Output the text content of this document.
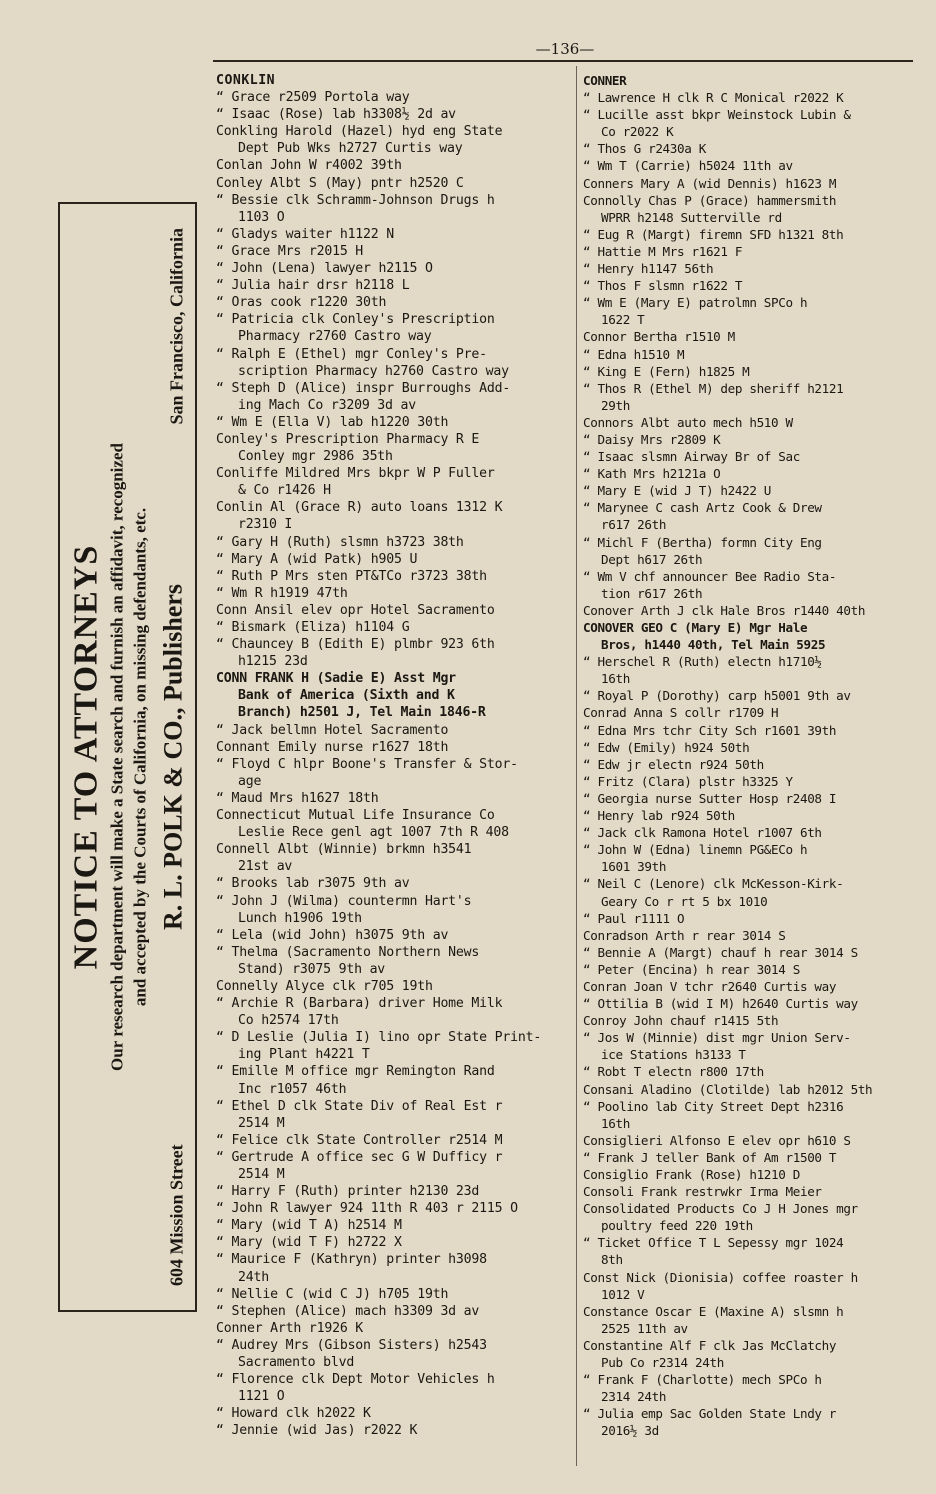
—136—
NOTICE TO ATTORNEYS Our research department will make a State search and furnish an affidavit, recognized and accepted by the Courts of California, on missing defendants, etc.
604 Mission Street
R. L. POLK & CO., Publishers
San Francisco, California
CONKLIN
“ Grace r2509 Portola way
“ Isaac (Rose) lab h3308½ 2d av
Conkling Harold (Hazel) hyd eng State
Dept Pub Wks h2727 Curtis way
Conlan John W r4002 39th
Conley Albt S (May) pntr h2520 C
“ Bessie clk Schramm-Johnson Drugs h
1103 O
“ Gladys waiter h1122 N
“ Grace Mrs r2015 H
“ John (Lena) lawyer h2115 O
“ Julia hair drsr h2118 L
“ Oras cook r1220 30th
“ Patricia clk Conley's Prescription
Pharmacy r2760 Castro way
“ Ralph E (Ethel) mgr Conley's Pre-
scription Pharmacy h2760 Castro way
“ Steph D (Alice) inspr Burroughs Add-
ing Mach Co r3209 3d av
“ Wm E (Ella V) lab h1220 30th
Conley's Prescription Pharmacy R E
Conley mgr 2986 35th
Conliffe Mildred Mrs bkpr W P Fuller
& Co r1426 H
Conlin Al (Grace R) auto loans 1312 K
r2310 I
“ Gary H (Ruth) slsmn h3723 38th
“ Mary A (wid Patk) h905 U
“ Ruth P Mrs sten PT&TCo r3723 38th
“ Wm R h1919 47th
Conn Ansil elev opr Hotel Sacramento
“ Bismark (Eliza) h1104 G
“ Chauncey B (Edith E) plmbr 923 6th
h1215 23d
CONN FRANK H (Sadie E) Asst Mgr
Bank of America (Sixth and K
Branch) h2501 J, Tel Main 1846-R
“ Jack bellmn Hotel Sacramento
Connant Emily nurse r1627 18th
“ Floyd C hlpr Boone's Transfer & Stor-
age
“ Maud Mrs h1627 18th
Connecticut Mutual Life Insurance Co
Leslie Rece genl agt 1007 7th R 408
Connell Albt (Winnie) brkmn h3541
21st av
“ Brooks lab r3075 9th av
“ John J (Wilma) countermn Hart's
Lunch h1906 19th
“ Lela (wid John) h3075 9th av
“ Thelma (Sacramento Northern News
Stand) r3075 9th av
Connelly Alyce clk r705 19th
“ Archie R (Barbara) driver Home Milk
Co h2574 17th
“ D Leslie (Julia I) lino opr State Print-
ing Plant h4221 T
“ Emille M office mgr Remington Rand
Inc r1057 46th
“ Ethel D clk State Div of Real Est r
2514 M
“ Felice clk State Controller r2514 M
“ Gertrude A office sec G W Dufficy r
2514 M
“ Harry F (Ruth) printer h2130 23d
“ John R lawyer 924 11th R 403 r 2115 O
“ Mary (wid T A) h2514 M
“ Mary (wid T F) h2722 X
“ Maurice F (Kathryn) printer h3098
24th
“ Nellie C (wid C J) h705 19th
“ Stephen (Alice) mach h3309 3d av
Conner Arth r1926 K
“ Audrey Mrs (Gibson Sisters) h2543
Sacramento blvd
“ Florence clk Dept Motor Vehicles h
1121 O
“ Howard clk h2022 K
“ Jennie (wid Jas) r2022 K
CONNER
“ Lawrence H clk R C Monical r2022 K
“ Lucille asst bkpr Weinstock Lubin &
Co r2022 K
“ Thos G r2430a K
“ Wm T (Carrie) h5024 11th av
Conners Mary A (wid Dennis) h1623 M
Connolly Chas P (Grace) hammersmith
WPRR h2148 Sutterville rd
“ Eug R (Margt) firemn SFD h1321 8th
“ Hattie M Mrs r1621 F
“ Henry h1147 56th
“ Thos F slsmn r1622 T
“ Wm E (Mary E) patrolmn SPCo h
1622 T
Connor Bertha r1510 M
“ Edna h1510 M
“ King E (Fern) h1825 M
“ Thos R (Ethel M) dep sheriff h2121
29th
Connors Albt auto mech h510 W
“ Daisy Mrs r2809 K
“ Isaac slsmn Airway Br of Sac
“ Kath Mrs h2121a O
“ Mary E (wid J T) h2422 U
“ Marynee C cash Artz Cook & Drew
r617 26th
“ Michl F (Bertha) formn City Eng
Dept h617 26th
“ Wm V chf announcer Bee Radio Sta-
tion r617 26th
Conover Arth J clk Hale Bros r1440 40th
CONOVER GEO C (Mary E) Mgr Hale
Bros, h1440 40th, Tel Main 5925
“ Herschel R (Ruth) electn h1710½
16th
“ Royal P (Dorothy) carp h5001 9th av
Conrad Anna S collr r1709 H
“ Edna Mrs tchr City Sch r1601 39th
“ Edw (Emily) h924 50th
“ Edw jr electn r924 50th
“ Fritz (Clara) plstr h3325 Y
“ Georgia nurse Sutter Hosp r2408 I
“ Henry lab r924 50th
“ Jack clk Ramona Hotel r1007 6th
“ John W (Edna) linemn PG&ECo h
1601 39th
“ Neil C (Lenore) clk McKesson-Kirk-
Geary Co r rt 5 bx 1010
“ Paul r1111 O
Conradson Arth r rear 3014 S
“ Bennie A (Margt) chauf h rear 3014 S
“ Peter (Encina) h rear 3014 S
Conran Joan V tchr r2640 Curtis way
“ Ottilia B (wid I M) h2640 Curtis way
Conroy John chauf r1415 5th
“ Jos W (Minnie) dist mgr Union Serv-
ice Stations h3133 T
“ Robt T electn r800 17th
Consani Aladino (Clotilde) lab h2012 5th
“ Poolino lab City Street Dept h2316
16th
Consiglieri Alfonso E elev opr h610 S
“ Frank J teller Bank of Am r1500 T
Consiglio Frank (Rose) h1210 D
Consoli Frank restrwkr Irma Meier
Consolidated Products Co J H Jones mgr
poultry feed 220 19th
“ Ticket Office T L Sepessy mgr 1024
8th
Const Nick (Dionisia) coffee roaster h
1012 V
Constance Oscar E (Maxine A) slsmn h
2525 11th av
Constantine Alf F clk Jas McClatchy
Pub Co r2314 24th
“ Frank F (Charlotte) mech SPCo h
2314 24th
“ Julia emp Sac Golden State Lndy r
2016½ 3d
